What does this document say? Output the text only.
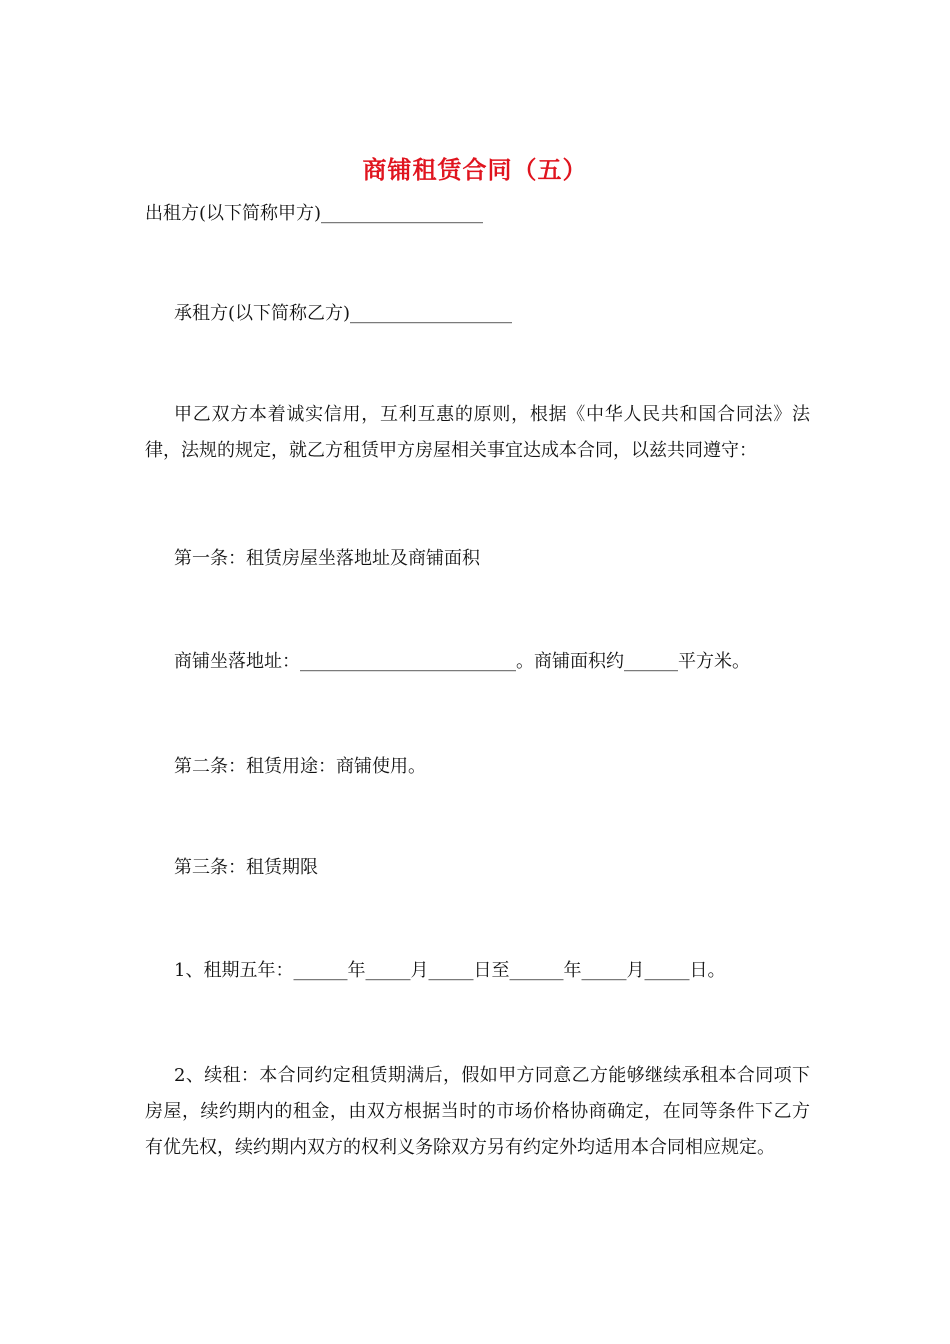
商铺租赁合同（五）

出租方(以下简称甲方)__________________

承租方(以下简称乙方)__________________

甲乙双方本着诚实信用，互利互惠的原则，根据《中华人民共和国合同法》法律，法规的规定，就乙方租赁甲方房屋相关事宜达成本合同，以兹共同遵守：

第一条：租赁房屋坐落地址及商铺面积

商铺坐落地址：________________________。商铺面积约______平方米。

第二条：租赁用途：商铺使用。

第三条：租赁期限

1、租期五年：______年_____月_____日至______年_____月_____日。

2、续租：本合同约定租赁期满后，假如甲方同意乙方能够继续承租本合同项下房屋，续约期内的租金，由双方根据当时的市场价格协商确定，在同等条件下乙方有优先权，续约期内双方的权利义务除双方另有约定外均适用本合同相应规定。
